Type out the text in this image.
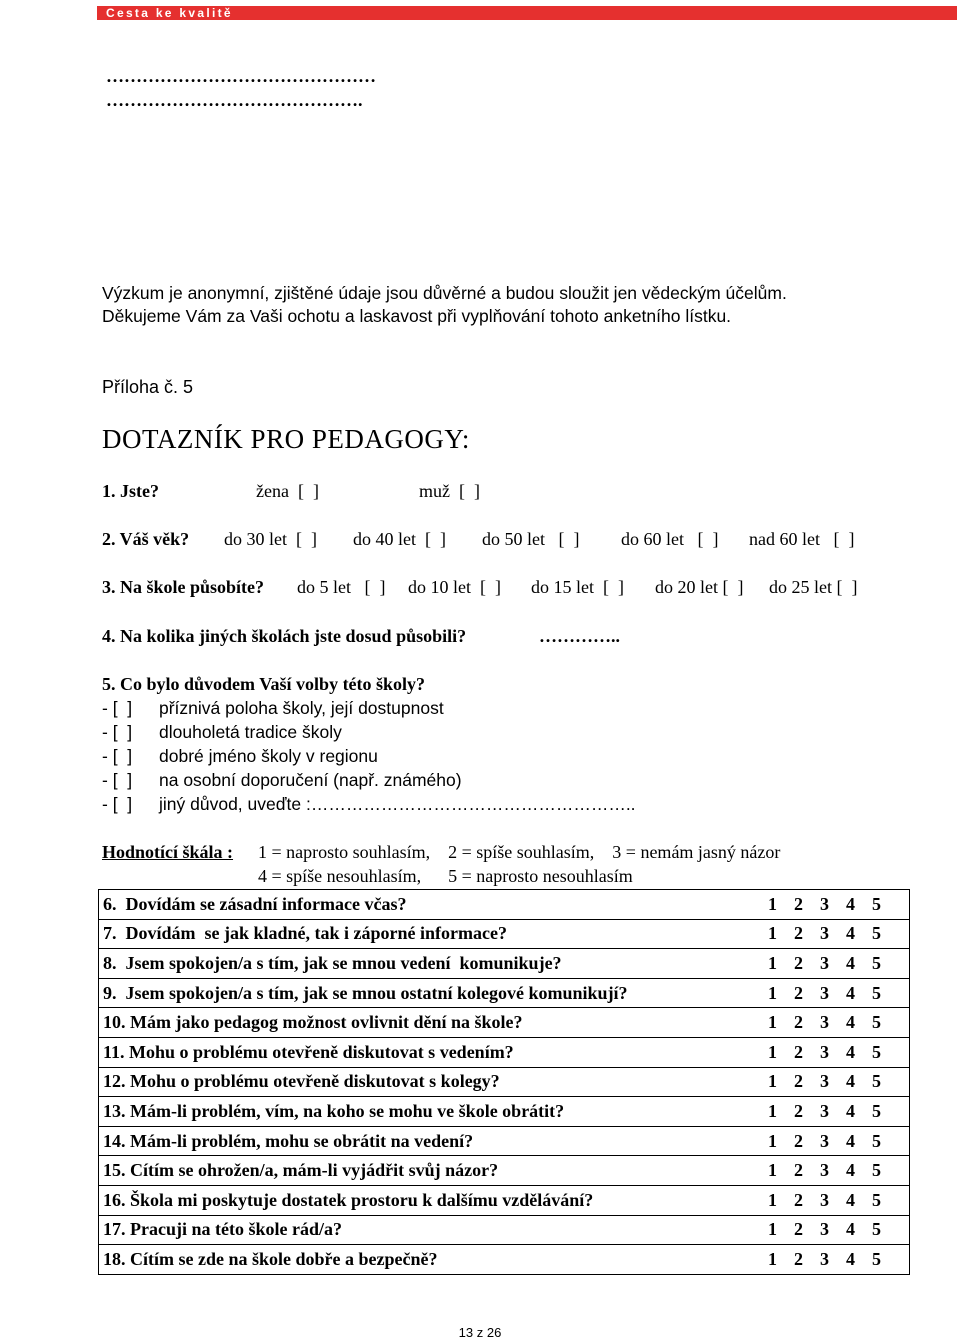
Cesta ke kvalitě
………………………………………
…………………………………….
Výzkum je anonymní, zjištěné údaje jsou důvěrné a budou sloužit jen vědeckým účelům.
Děkujeme Vám za Vaši ochotu a laskavost při vyplňování tohoto anketního lístku.
Příloha č. 5
DOTAZNÍK PRO PEDAGOGY:
1. Jste?	žena  [  ]	muž  [  ]
2. Váš věk? do 30 let  [  ] do 40 let  [  ] do 50 let   [  ] do 60 let   [  ] nad 60 let   [  ]
3. Na škole působíte? do 5 let   [  ] do 10 let  [  ] do 15 let  [  ] do 20 let [  ] do 25 let [  ]
4. Na kolika jiných školách jste dosud působili?	…………..
5. Co bylo důvodem Vaší volby této školy?
- [  ] příznivá poloha školy, její dostupnost
- [  ] dlouholetá tradice školy
- [  ] dobré jméno školy v regionu
- [  ] na osobní doporučení (např. známého)
- [  ] jiný důvod, uveďte :………………………………………………..
Hodnotící škála : 1 = naprosto souhlasím,    2 = spíše souhlasím,    3 = nemám jasný názor
4 = spíše nesouhlasím,      5 = naprosto nesouhlasím
6.  Dovídám se zásadní informace včas?	1  2  3  4  5

7.  Dovídám  se jak kladné, tak i záporné informace?	1  2  3  4  5

8.  Jsem spokojen/a s tím, jak se mnou vedení  komunikuje?	1  2  3  4  5

9.  Jsem spokojen/a s tím, jak se mnou ostatní kolegové komunikují?	1  2  3  4  5

10. Mám jako pedagog možnost ovlivnit dění na škole?	1  2  3  4  5

11. Mohu o problému otevřeně diskutovat s vedením?	1  2  3  4  5

12. Mohu o problému otevřeně diskutovat s kolegy?	1  2  3  4  5

13. Mám-li problém, vím, na koho se mohu ve škole obrátit?	1  2  3  4  5

14. Mám-li problém, mohu se obrátit na vedení?	1  2  3  4  5

15. Cítím se ohrožen/a, mám-li vyjádřit svůj názor?	1  2  3  4  5

16. Škola mi poskytuje dostatek prostoru k dalšímu vzdělávání?	1  2  3  4  5

17. Pracuji na této škole rád/a?	1  2  3  4  5

18. Cítím se zde na škole dobře a bezpečně?	1  2  3  4  5
13 z 26
